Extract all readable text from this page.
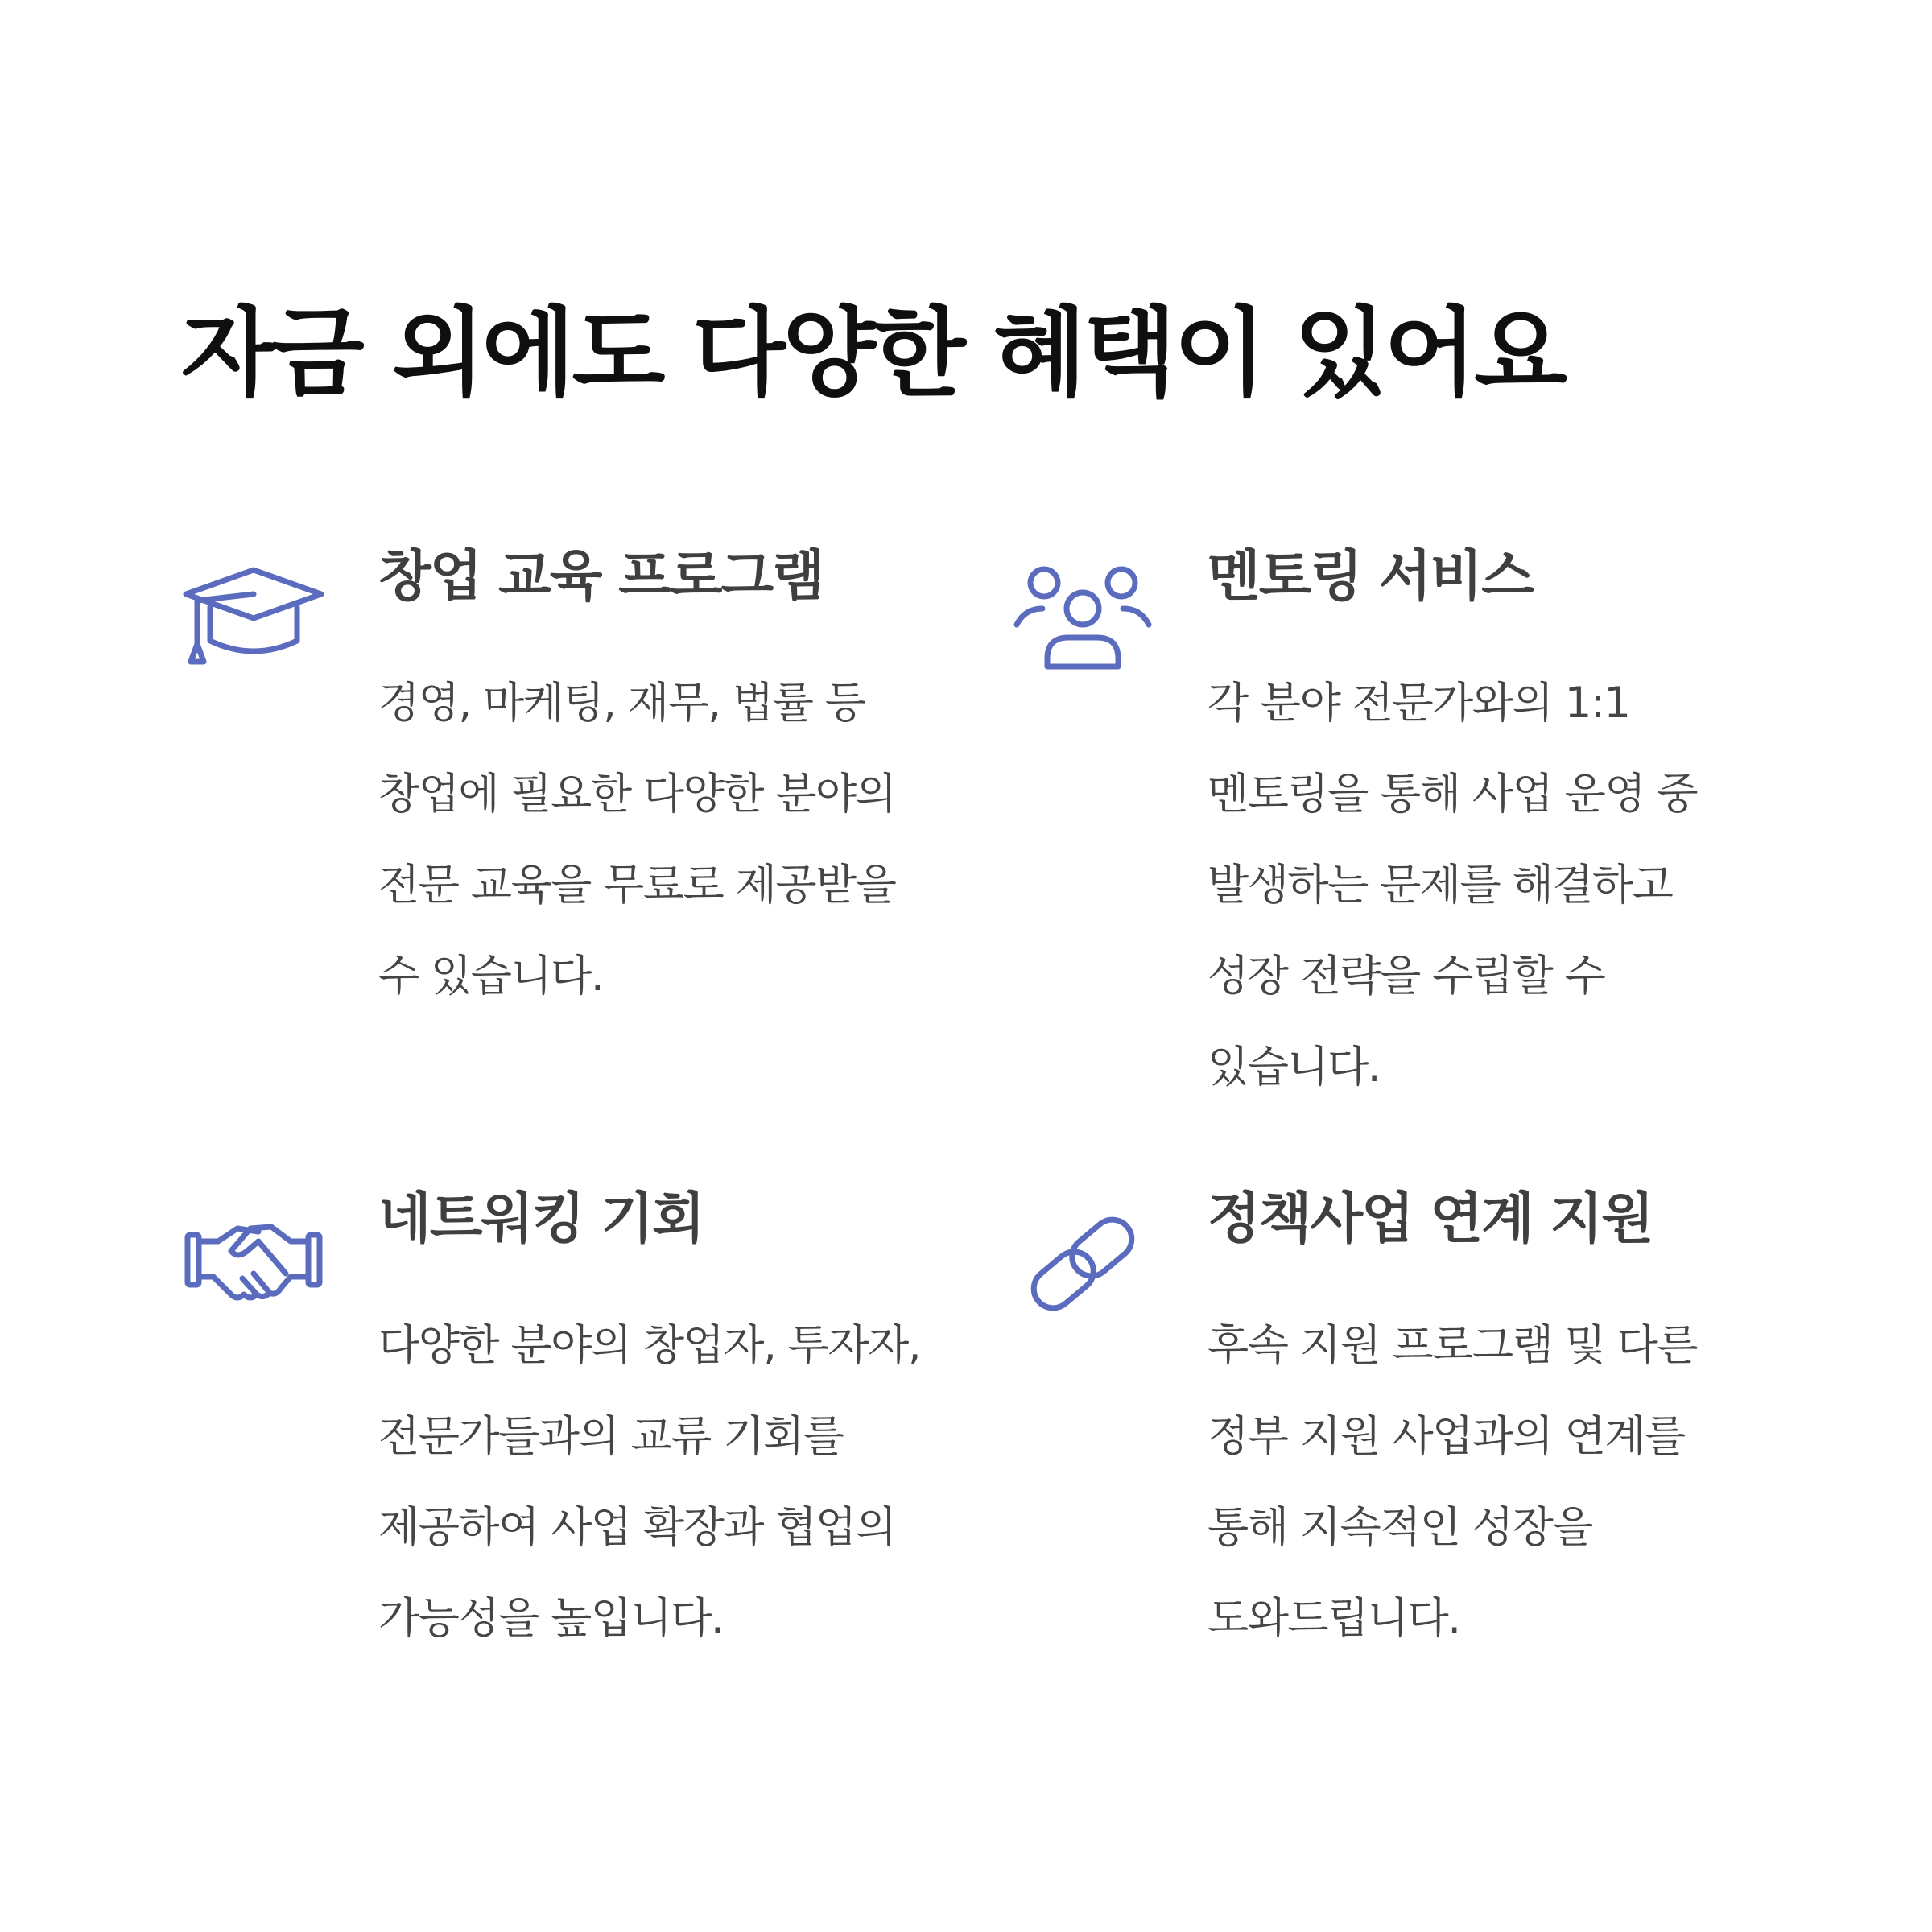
자금 외에도 다양한 혜택이 있어요
창업 교육 프로그램

경영, 마케팅, 재무, 법률 등 창업에 필요한 다양한 분야의 전문 교육을 무료로 제공받을 수 있습니다.

멘토링 서비스

각 분야 전문가와의 1:1 멘토링을 통해 사업 운영 중 발생하는 문제를 해결하고 성장 전략을 수립할 수 있습니다.

네트워킹 기회

다양한 분야의 창업자, 투자자, 전문가들과의 교류 기회를 제공하여 사업 확장과 협업의 가능성을 높입니다.

정책사업 연계 지원

후속 지원 프로그램 및 다른 정부 지원 사업과의 연계를 통해 지속적인 성장을 도와드립니다.
